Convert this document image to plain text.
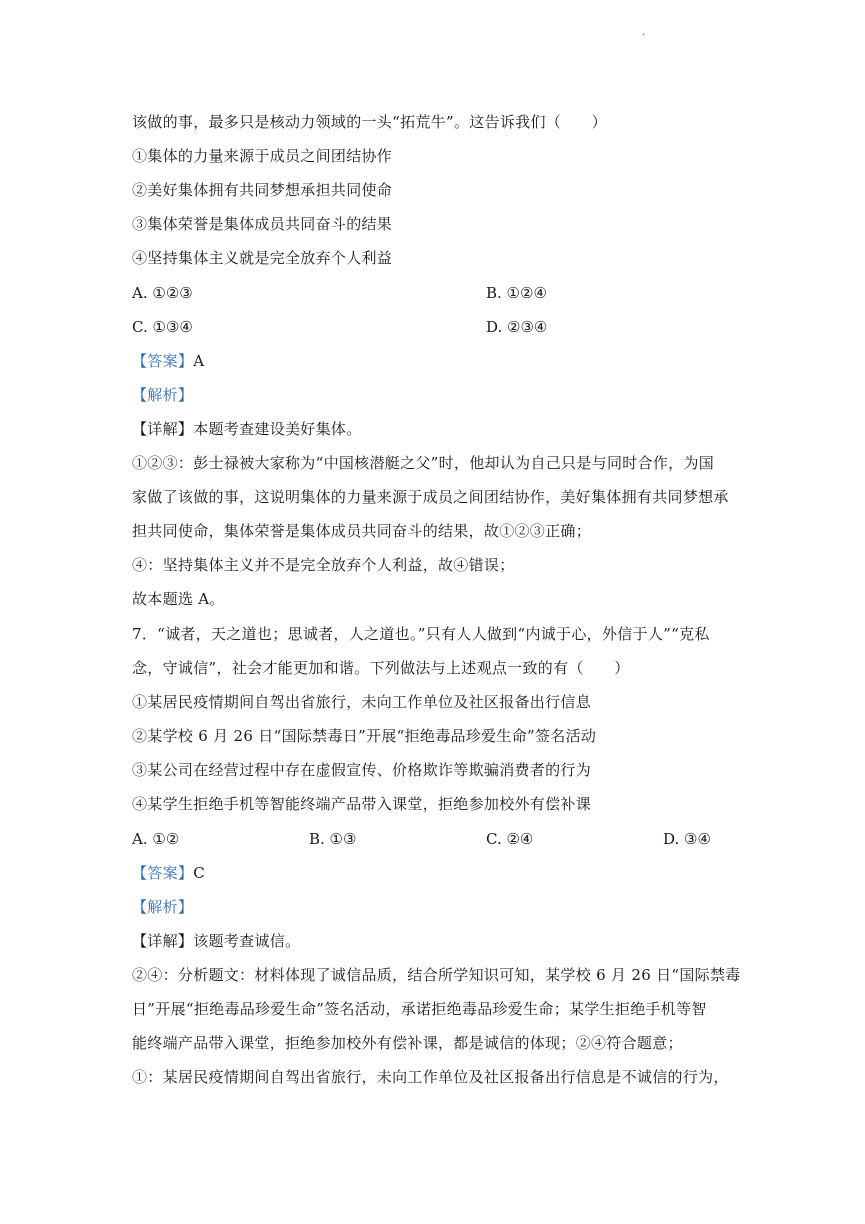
·
该做的事，最多只是核动力领域的一头“拓荒牛”。这告诉我们（　　）
①集体的力量来源于成员之间团结协作
②美好集体拥有共同梦想承担共同使命
③集体荣誉是集体成员共同奋斗的结果
④坚持集体主义就是完全放弃个人利益
A. ①②③	B. ①②④
C. ①③④	D. ②③④
【答案】A
【解析】
【详解】本题考查建设美好集体。
①②③：彭士禄被大家称为“中国核潜艇之父”时，他却认为自己只是与同时合作，为国
家做了该做的事，这说明集体的力量来源于成员之间团结协作，美好集体拥有共同梦想承
担共同使命，集体荣誉是集体成员共同奋斗的结果，故①②③正确；
④：坚持集体主义并不是完全放弃个人利益，故④错误；
故本题选 A。
7．“诚者，天之道也；思诚者，人之道也。”只有人人做到“内诚于心，外信于人”“克私
念，守诚信”，社会才能更加和谐。下列做法与上述观点一致的有（　　）
①某居民疫情期间自驾出省旅行，未向工作单位及社区报备出行信息
②某学校 6 月 26 日“国际禁毒日”开展“拒绝毒品珍爱生命”签名活动
③某公司在经营过程中存在虚假宣传、价格欺诈等欺骗消费者的行为
④某学生拒绝手机等智能终端产品带入课堂，拒绝参加校外有偿补课
A. ①②	B. ①③	C. ②④	D. ③④
【答案】C
【解析】
【详解】该题考查诚信。
②④：分析题文：材料体现了诚信品质，结合所学知识可知，某学校 6 月 26 日“国际禁毒
日”开展“拒绝毒品珍爱生命”签名活动，承诺拒绝毒品珍爱生命；某学生拒绝手机等智
能终端产品带入课堂，拒绝参加校外有偿补课，都是诚信的体现；②④符合题意；
①：某居民疫情期间自驾出省旅行，未向工作单位及社区报备出行信息是不诚信的行为，
